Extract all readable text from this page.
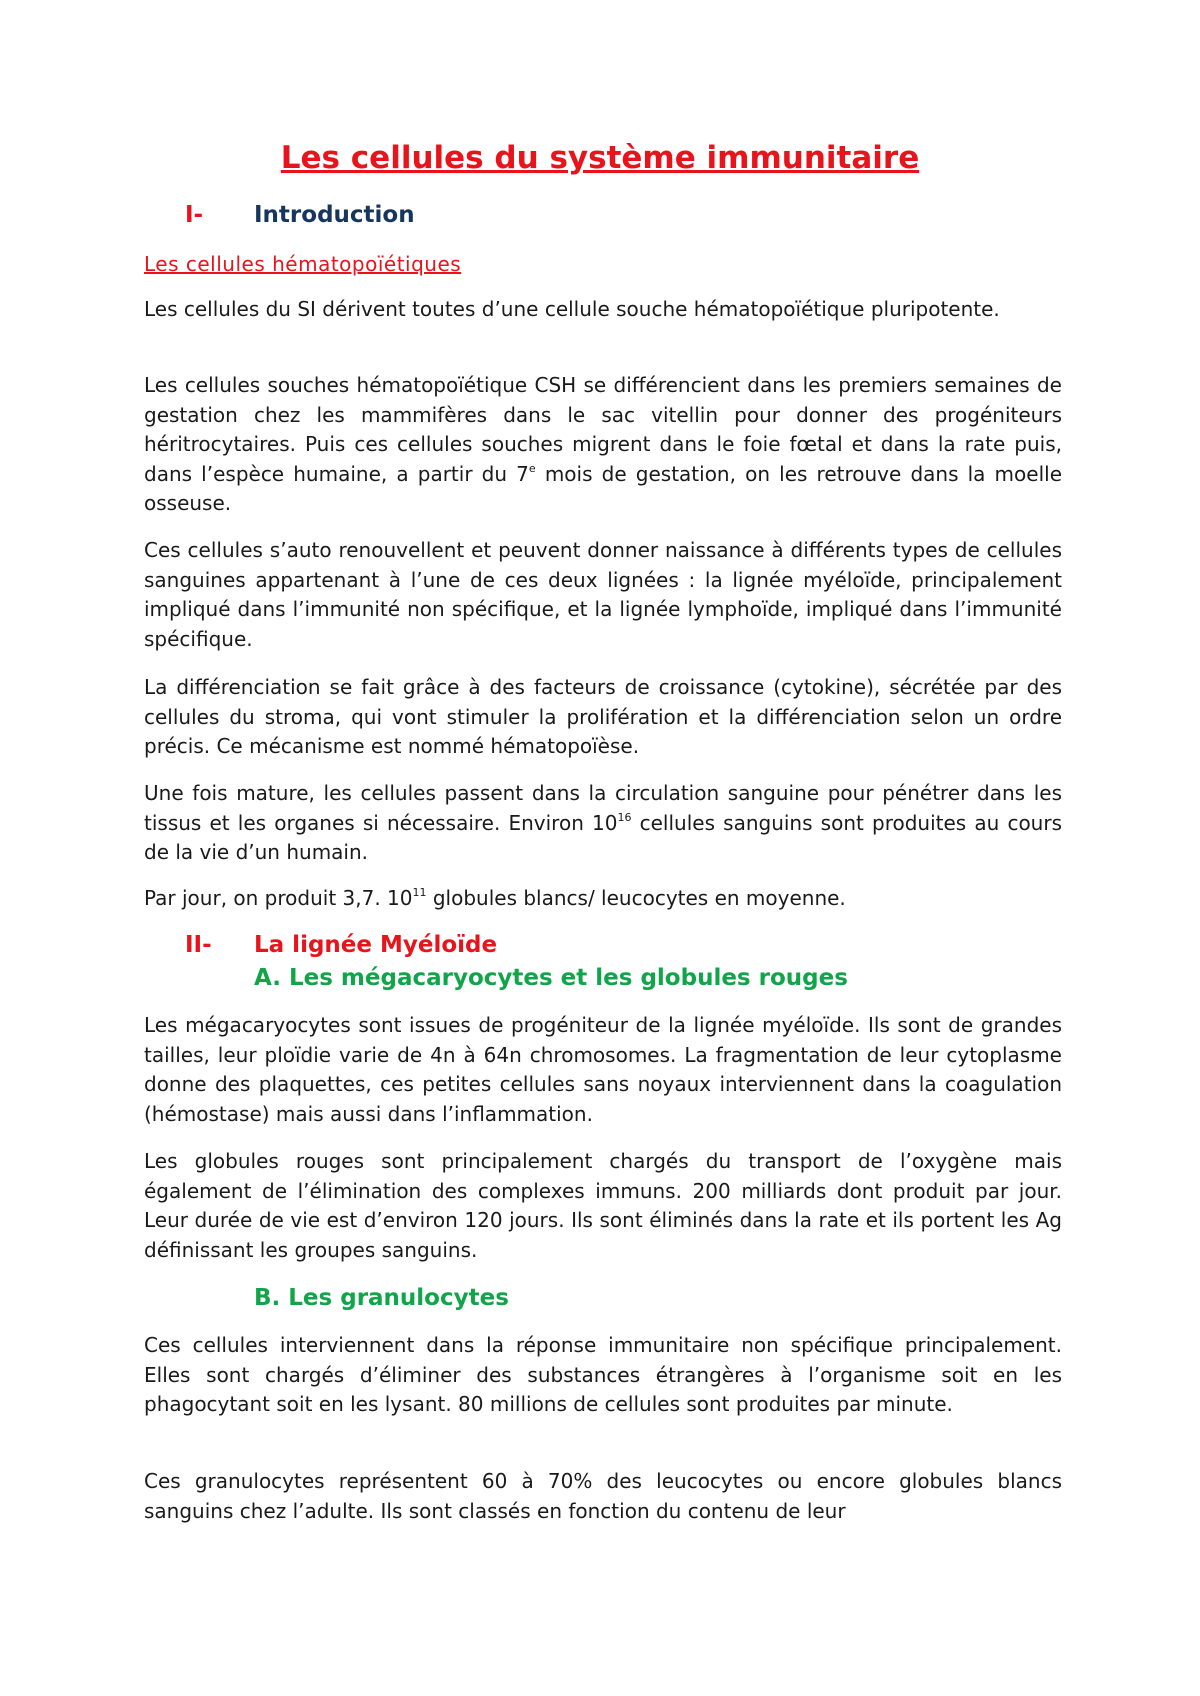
Les cellules du système immunitaire
I- Introduction
Les cellules hématopoïétiques

Les cellules du SI dérivent toutes d’une cellule souche hématopoïétique pluripotente.

Les cellules souches hématopoïétique CSH se différencient dans les premiers semaines de gestation chez les mammifères dans le sac vitellin pour donner des progéniteurs héritrocytaires. Puis ces cellules souches migrent dans le foie fœtal et dans la rate puis, dans l’espèce humaine, a partir du 7e mois de gestation, on les retrouve dans la moelle osseuse.

Ces cellules s’auto renouvellent et peuvent donner naissance à différents types de cellules sanguines appartenant à l’une de ces deux lignées : la lignée myéloïde, principalement impliqué dans l’immunité non spécifique, et la lignée lymphoïde, impliqué dans l’immunité spécifique.

La différenciation se fait grâce à des facteurs de croissance (cytokine), sécrétée par des cellules du stroma, qui vont stimuler la prolifération et la différenciation selon un ordre précis. Ce mécanisme est nommé hématopoïèse.

Une fois mature, les cellules passent dans la circulation sanguine pour pénétrer dans les tissus et les organes si nécessaire. Environ $10^{16}$ cellules sanguins sont produites au cours de la vie d’un humain.

Par jour, on produit 3,7. $10^{11}$ globules blancs/ leucocytes en moyenne.

II- La lignée Myéloïde
A. Les mégacaryocytes et les globules rouges

Les mégacaryocytes sont issues de progéniteur de la lignée myéloïde. Ils sont de grandes tailles, leur ploïdie varie de 4n à 64n chromosomes. La fragmentation de leur cytoplasme donne des plaquettes, ces petites cellules sans noyaux interviennent dans la coagulation (hémostase) mais aussi dans l’inflammation.

Les globules rouges sont principalement chargés du transport de l’oxygène mais également de l’élimination des complexes immuns. 200 milliards dont produit par jour. Leur durée de vie est d’environ 120 jours. Ils sont éliminés dans la rate et ils portent les Ag définissant les groupes sanguins.

B. Les granulocytes

Ces cellules interviennent dans la réponse immunitaire non spécifique principalement. Elles sont chargés d’éliminer des substances étrangères à l’organisme soit en les phagocytant soit en les lysant. 80 millions de cellules sont produites par minute.

Ces granulocytes représentent 60 à 70% des leucocytes ou encore globules blancs sanguins chez l’adulte. Ils sont classés en fonction du contenu de leur
